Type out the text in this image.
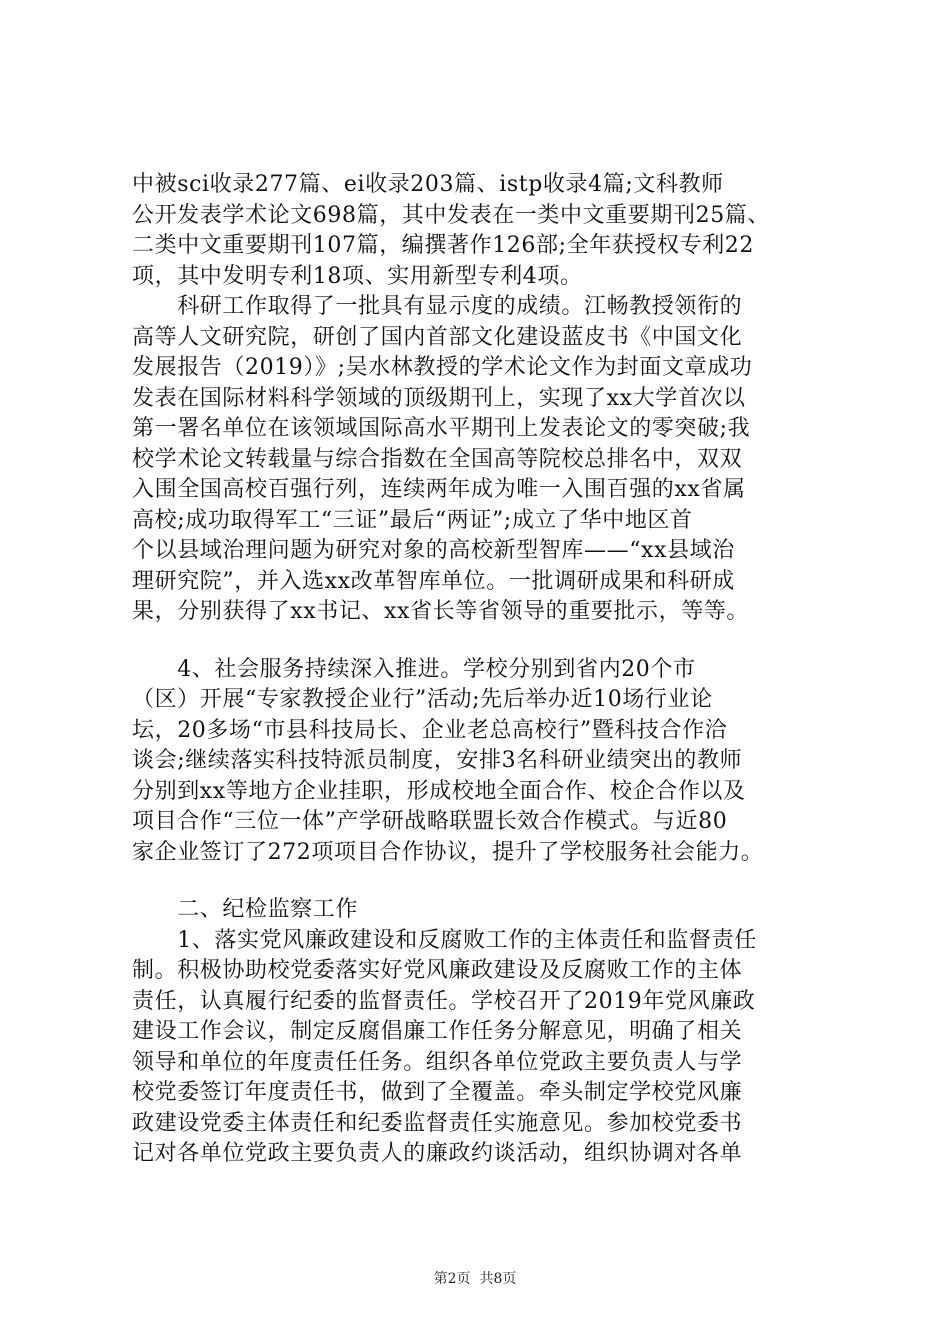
中被sci收录277篇、ei收录203篇、istp收录4篇;文科教师
公开发表学术论文698篇，其中发表在一类中文重要期刊25篇、
二类中文重要期刊107篇，编撰著作126部;全年获授权专利22
项，其中发明专利18项、实用新型专利4项。
　　科研工作取得了一批具有显示度的成绩。江畅教授领衔的
高等人文研究院，研创了国内首部文化建设蓝皮书《中国文化
发展报告（2019）》;吴水林教授的学术论文作为封面文章成功
发表在国际材料科学领域的顶级期刊上，实现了xx大学首次以
第一署名单位在该领域国际高水平期刊上发表论文的零突破;我
校学术论文转载量与综合指数在全国高等院校总排名中，双双
入围全国高校百强行列，连续两年成为唯一入围百强的xx省属
高校;成功取得军工“三证”最后“两证”;成立了华中地区首
个以县域治理问题为研究对象的高校新型智库——“xx县域治
理研究院”，并入选xx改革智库单位。一批调研成果和科研成
果，分别获得了xx书记、xx省长等省领导的重要批示，等等。
　　4、社会服务持续深入推进。学校分别到省内20个市
（区）开展“专家教授企业行”活动;先后举办近10场行业论
坛，20多场“市县科技局长、企业老总高校行”暨科技合作洽
谈会;继续落实科技特派员制度，安排3名科研业绩突出的教师
分别到xx等地方企业挂职，形成校地全面合作、校企合作以及
项目合作“三位一体”产学研战略联盟长效合作模式。与近80
家企业签订了272项项目合作协议，提升了学校服务社会能力。
　　二、纪检监察工作
　　1、落实党风廉政建设和反腐败工作的主体责任和监督责任
制。积极协助校党委落实好党风廉政建设及反腐败工作的主体
责任，认真履行纪委的监督责任。学校召开了2019年党风廉政
建设工作会议，制定反腐倡廉工作任务分解意见，明确了相关
领导和单位的年度责任任务。组织各单位党政主要负责人与学
校党委签订年度责任书，做到了全覆盖。牵头制定学校党风廉
政建设党委主体责任和纪委监督责任实施意见。参加校党委书
记对各单位党政主要负责人的廉政约谈活动，组织协调对各单
第2页 共8页
